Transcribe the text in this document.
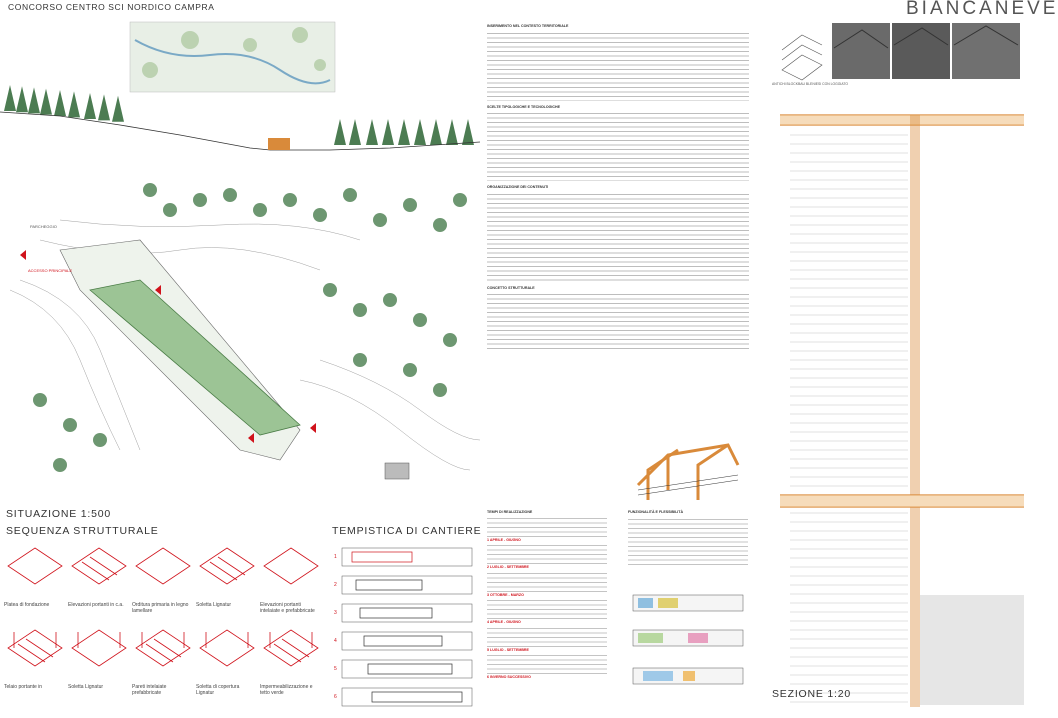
CONCORSO CENTRO SCI NORDICO CAMPRA	BIANCANEVE
ACCESSO PRINCIPALE
PARCHEGGIO
SITUAZIONE 1:500
SEQUENZA STRUTTURALE
Platea di fondazione	Elevazioni portanti in c.a.	Orditura primaria in legno lamellare
Soletta Lignatur	Elevazioni portanti intelaiate e prefabbricate
Telaio portante in	Soletta Lignatur	Pareti intelaiate prefabbricate
Soletta di copertura Lignatur
Impermeabilizzazione e tetto verde
TEMPISTICA DI CANTIERE
1
2
3
4
5
6
INSERIMENTO NEL CONTESTO TERRITORIALE
SCELTE TIPOLOGICHE E TECNOLOGICHE
ORGANIZZAZIONE DEI CONTENUTI
CONCETTO STRUTTURALE
TEMPI DI REALIZZAZIONE
1 APRILE - GIUGNO
2 LUGLIO - SETTEMBRE
3 OTTOBRE - MARZO
4 APRILE - GIUGNO
5 LUGLIO - SETTEMBRE
6 INVERNO SUCCESSIVO
FUNZIONALITÀ E FLESSIBILITÀ
ANTICHI BLOCKBAU BLENIESI CON LOGGIATO
SEZIONE 1:20
